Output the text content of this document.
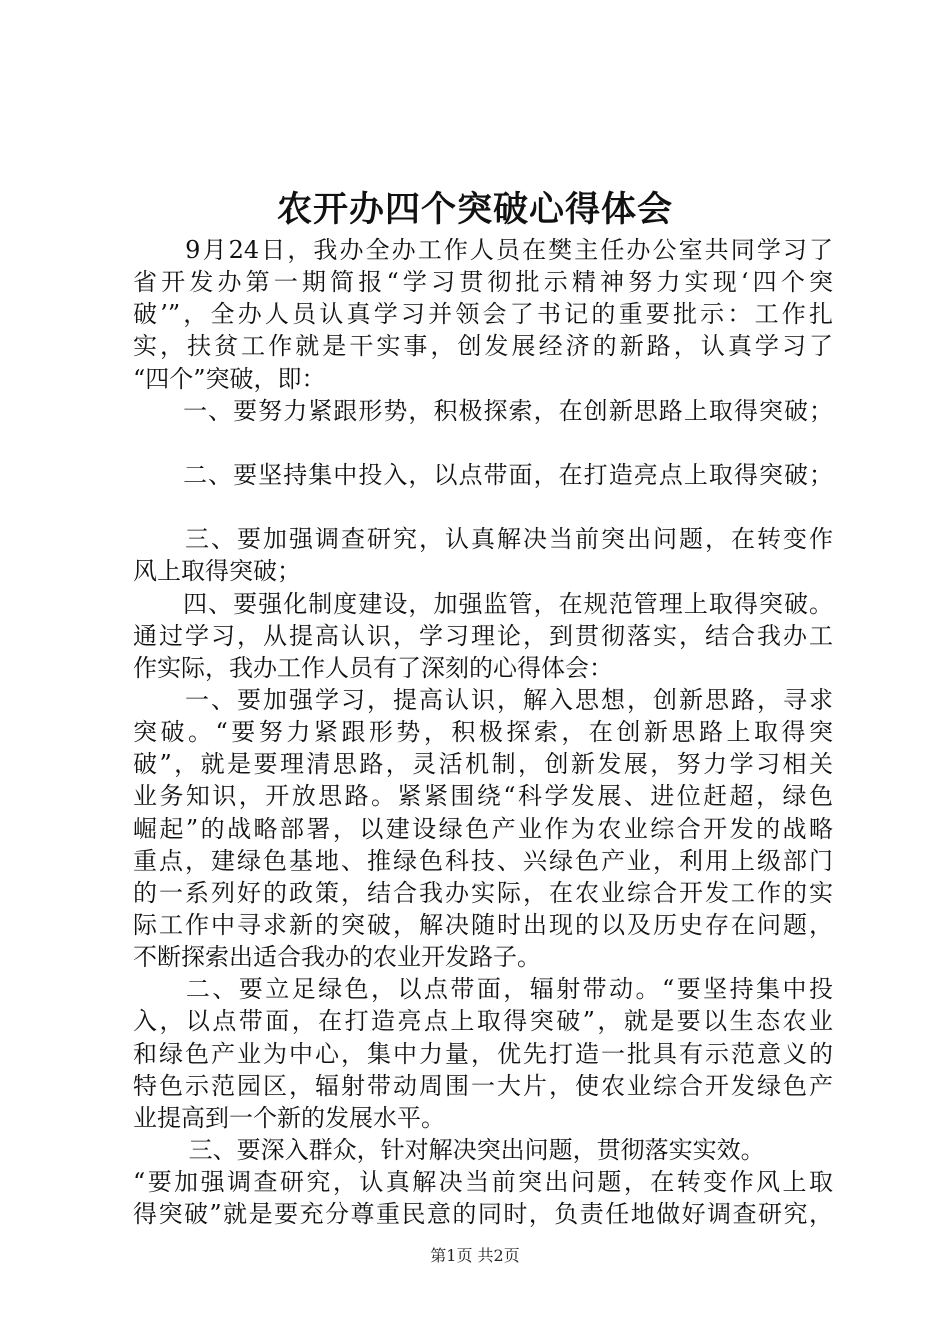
农开办四个突破心得体会
　　9月24日，我办全办工作人员在樊主任办公室共同学习了
省开发办第一期简报“学习贯彻批示精神努力实现‘四个突
破’”，全办人员认真学习并领会了书记的重要批示：工作扎
实，扶贫工作就是干实事，创发展经济的新路，认真学习了
“四个”突破，即：
　　一、要努力紧跟形势，积极探索，在创新思路上取得突破；
　　二、要坚持集中投入，以点带面，在打造亮点上取得突破；
　　三、要加强调查研究，认真解决当前突出问题，在转变作
风上取得突破；
　　四、要强化制度建设，加强监管，在规范管理上取得突破。
通过学习，从提高认识，学习理论，到贯彻落实，结合我办工
作实际，我办工作人员有了深刻的心得体会：
　　一、要加强学习，提高认识，解入思想，创新思路，寻求
突破。“要努力紧跟形势，积极探索，在创新思路上取得突
破”，就是要理清思路，灵活机制，创新发展，努力学习相关
业务知识，开放思路。紧紧围绕“科学发展、进位赶超，绿色
崛起”的战略部署，以建设绿色产业作为农业综合开发的战略
重点，建绿色基地、推绿色科技、兴绿色产业，利用上级部门
的一系列好的政策，结合我办实际，在农业综合开发工作的实
际工作中寻求新的突破，解决随时出现的以及历史存在问题，
不断探索出适合我办的农业开发路子。
　　二、要立足绿色，以点带面，辐射带动。“要坚持集中投
入，以点带面，在打造亮点上取得突破”，就是要以生态农业
和绿色产业为中心，集中力量，优先打造一批具有示范意义的
特色示范园区，辐射带动周围一大片，使农业综合开发绿色产
业提高到一个新的发展水平。
　　 三、要深入群众，针对解决突出问题，贯彻落实实效。
“要加强调查研究，认真解决当前突出问题，在转变作风上取
得突破”就是要充分尊重民意的同时，负责任地做好调查研究，
第1页 共2页
